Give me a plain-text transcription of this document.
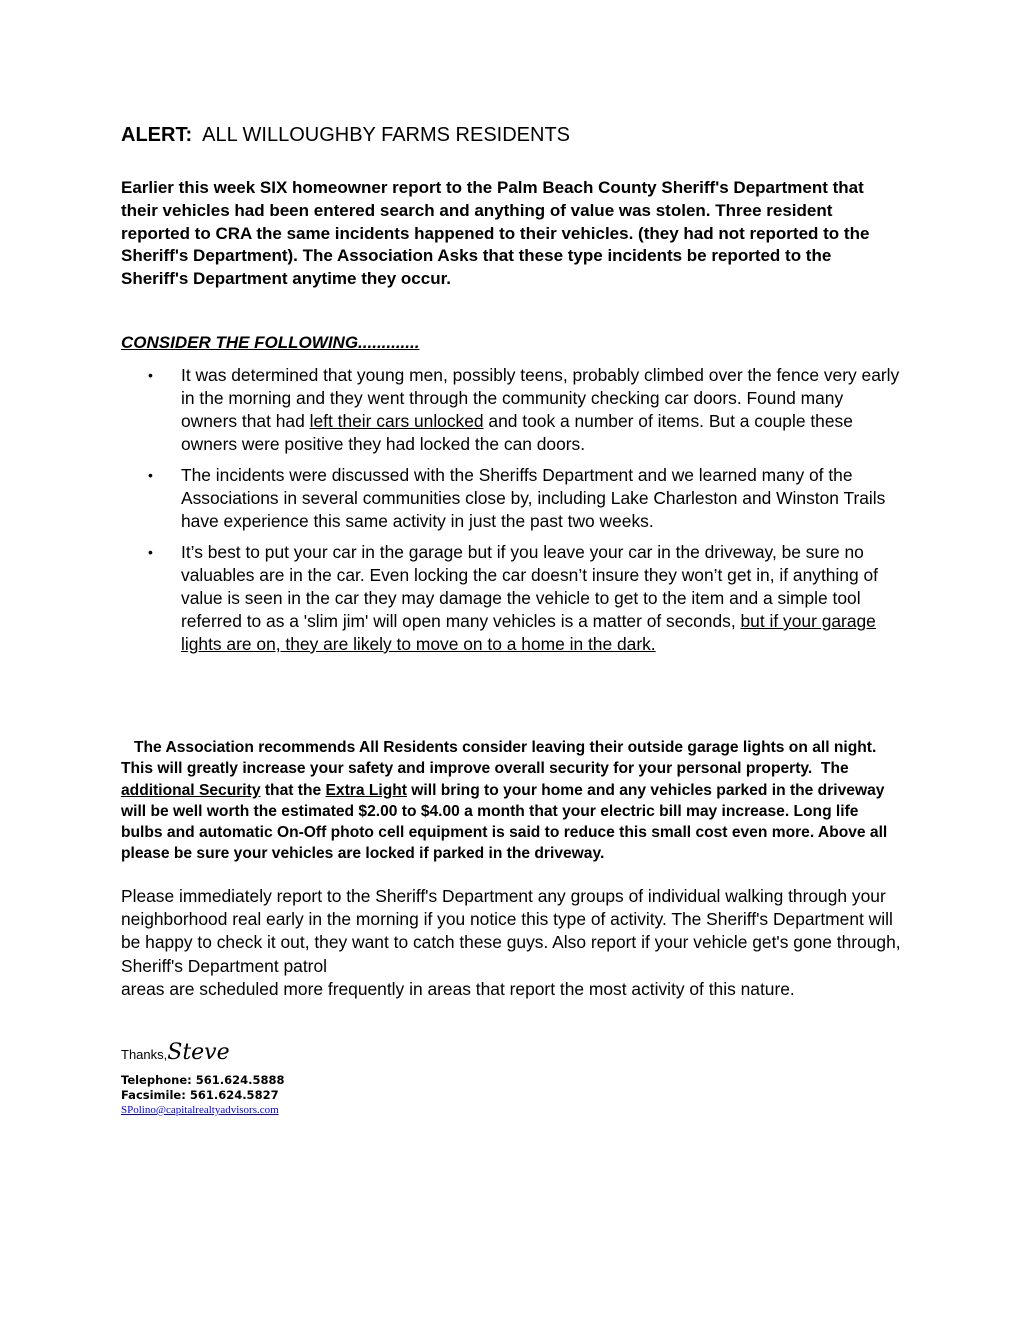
ALERT: ALL WILLOUGHBY FARMS RESIDENTS
Earlier this week SIX homeowner report to the Palm Beach County Sheriff's Department that their vehicles had been entered search and anything of value was stolen. Three resident reported to CRA the same incidents happened to their vehicles. (they had not reported to the Sheriff's Department). The Association Asks that these type incidents be reported to the Sheriff's Department anytime they occur.
CONSIDER THE FOLLOWING.............
• It was determined that young men, possibly teens, probably climbed over the fence very early in the morning and they went through the community checking car doors. Found many owners that had left their cars unlocked and took a number of items. But a couple these owners were positive they had locked the can doors.
• The incidents were discussed with the Sheriffs Department and we learned many of the Associations in several communities close by, including Lake Charleston and Winston Trails have experience this same activity in just the past two weeks.
• It’s best to put your car in the garage but if you leave your car in the driveway, be sure no valuables are in the car. Even locking the car doesn’t insure they won’t get in, if anything of value is seen in the car they may damage the vehicle to get to the item and a simple tool referred to as a 'slim jim' will open many vehicles is a matter of seconds, but if your garage lights are on, they are likely to move on to a home in the dark.
The Association recommends All Residents consider leaving their outside garage lights on all night.     This will greatly increase your safety and improve overall security for your personal property.  The additional Security that the Extra Light will bring to your home and any vehicles parked in the driveway will be well worth the estimated $2.00 to $4.00 a month that your electric bill may increase. Long life bulbs and automatic On-Off photo cell equipment is said to reduce this small cost even more. Above all please be sure your vehicles are locked if parked in the driveway.
Please immediately report to the Sheriff's Department any groups of individual walking through your neighborhood real early in the morning if you notice this type of activity. The Sheriff's Department will be happy to check it out, they want to catch these guys. Also report if your vehicle get's gone through, Sheriff's Department patrol
areas are scheduled more frequently in areas that report the most activity of this nature.
Thanks,Steve
Telephone: 561.624.5888
Facsimile: 561.624.5827
SPolino@capitalrealtyadvisors.com
